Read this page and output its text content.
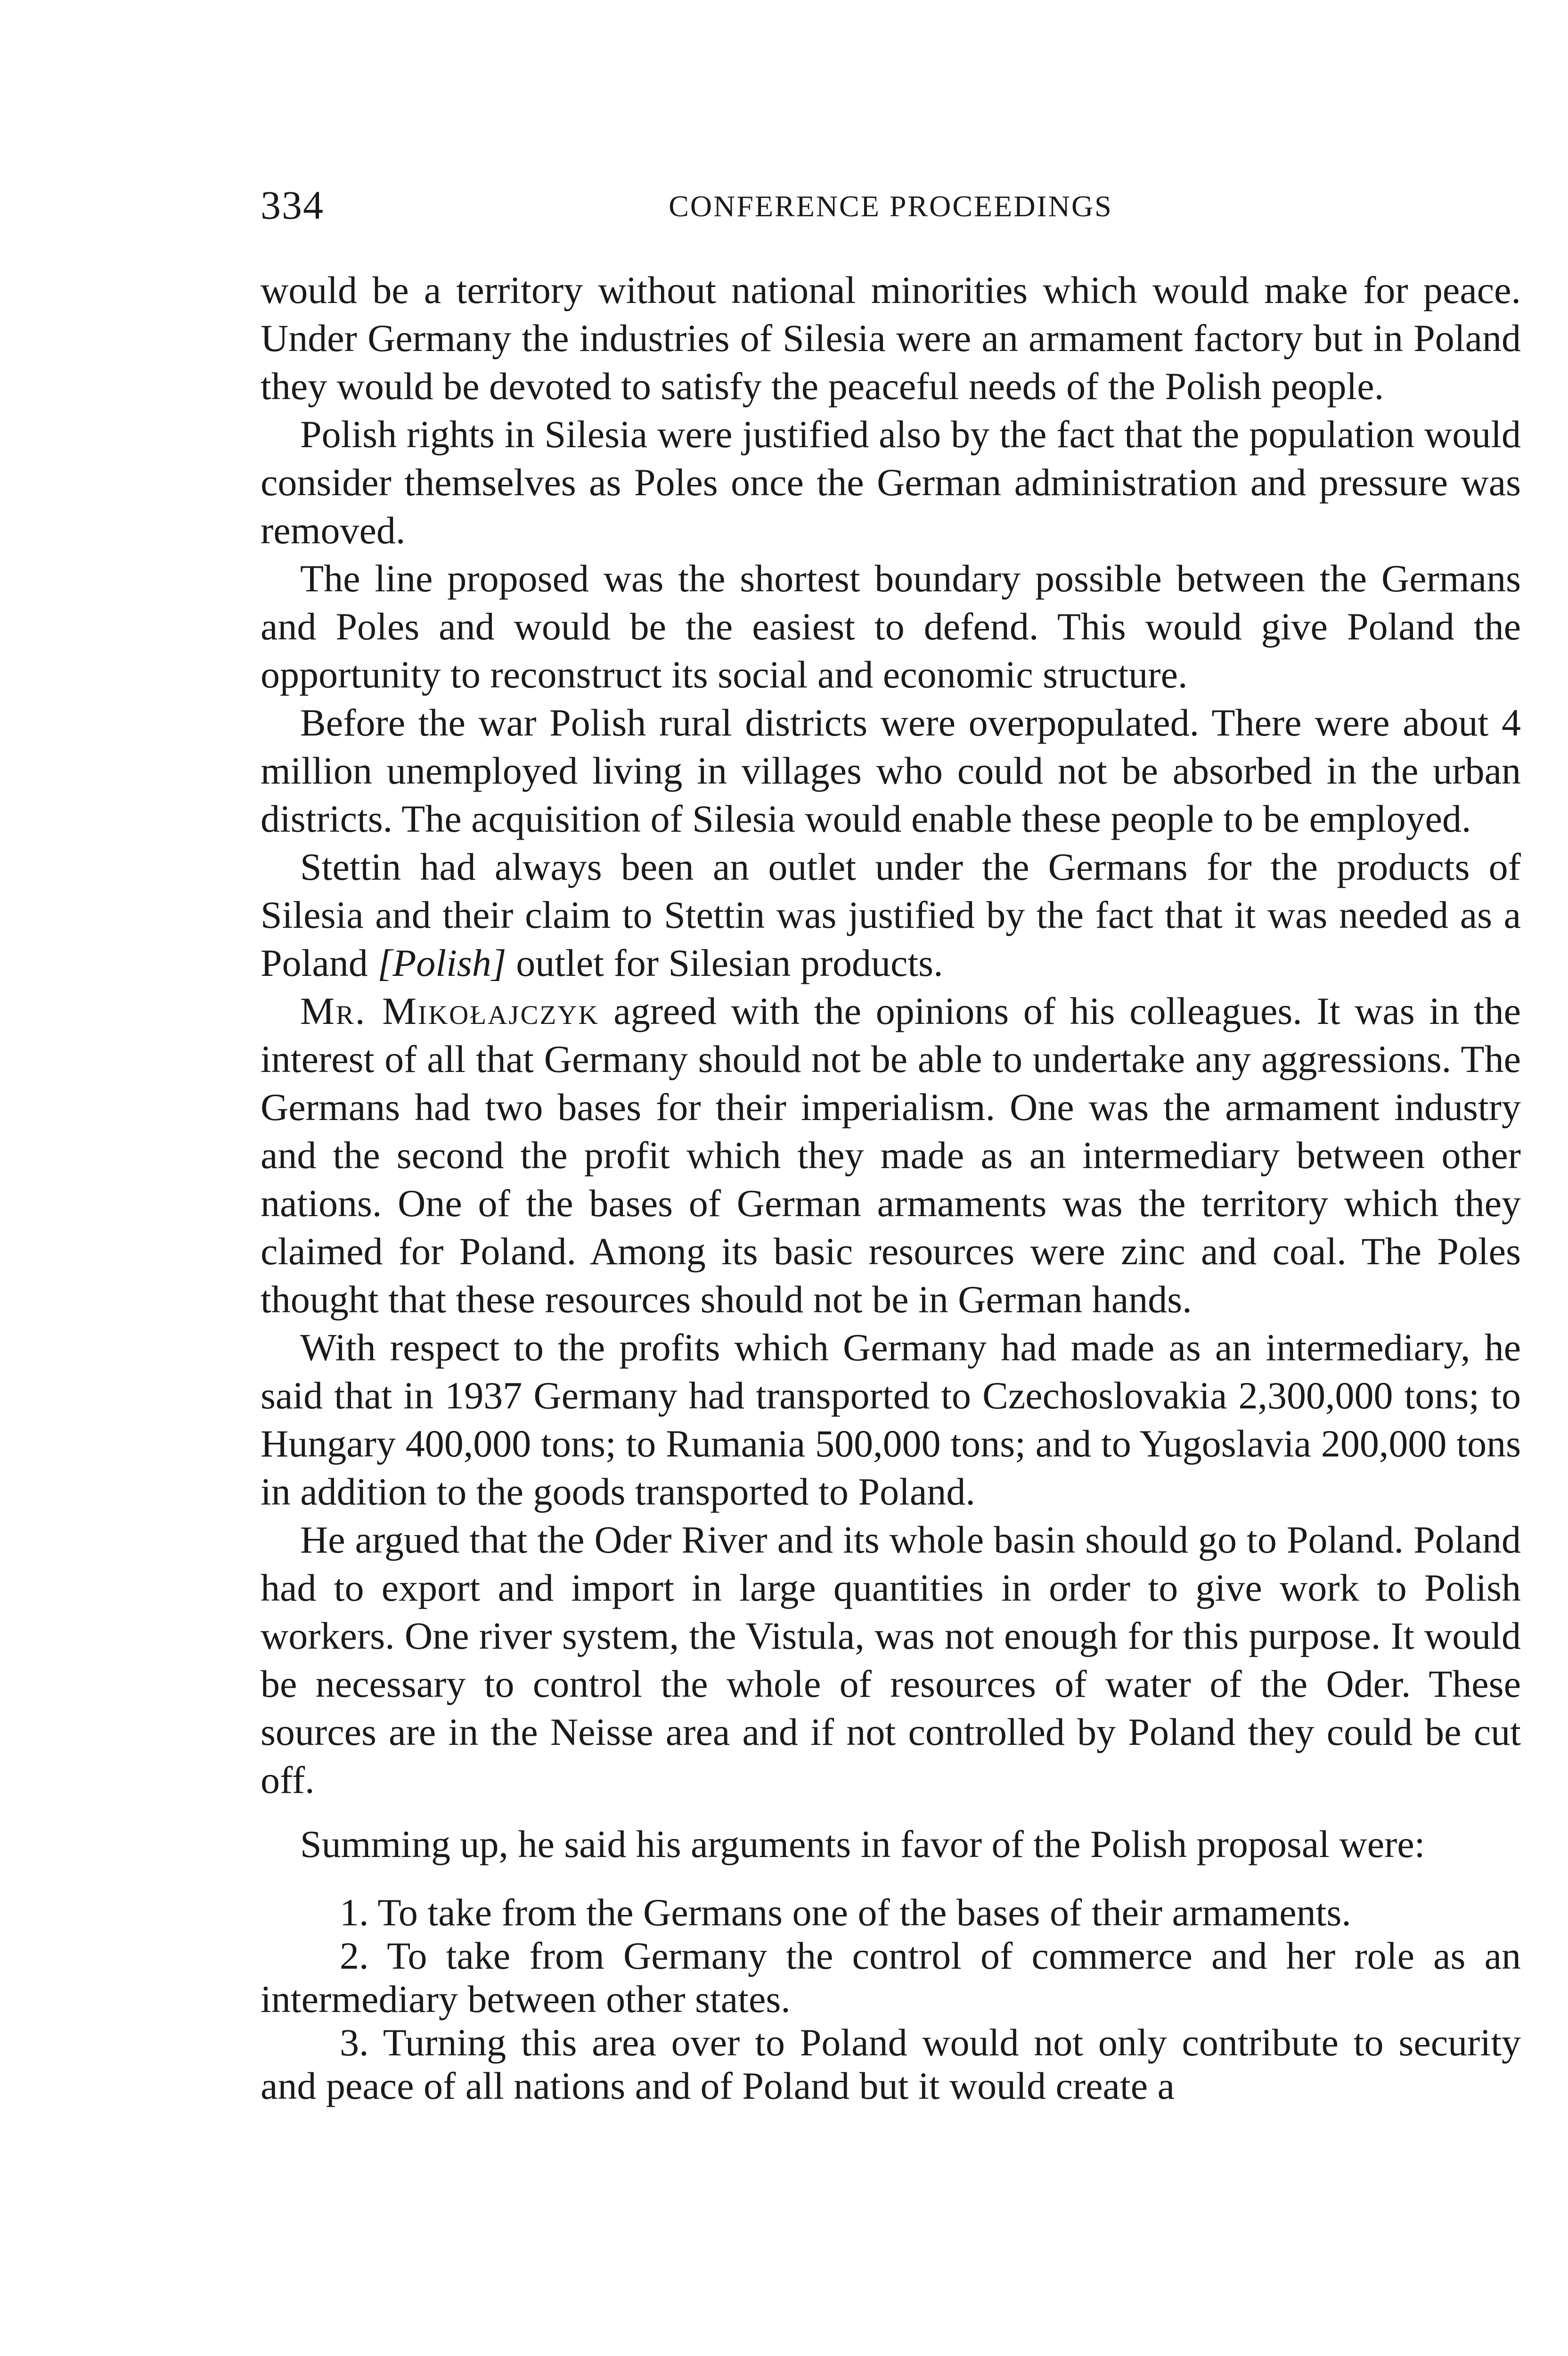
334	CONFERENCE PROCEEDINGS

would be a territory without national minorities which would make for peace. Under Germany the industries of Silesia were an armament factory but in Poland they would be devoted to satisfy the peaceful needs of the Polish people.

Polish rights in Silesia were justified also by the fact that the population would consider themselves as Poles once the German administration and pressure was removed.

The line proposed was the shortest boundary possible between the Germans and Poles and would be the easiest to defend. This would give Poland the opportunity to reconstruct its social and economic structure.

Before the war Polish rural districts were overpopulated. There were about 4 million unemployed living in villages who could not be absorbed in the urban districts. The acquisition of Silesia would enable these people to be employed.

Stettin had always been an outlet under the Germans for the products of Silesia and their claim to Stettin was justified by the fact that it was needed as a Poland [Polish] outlet for Silesian products.

Mr. Mikołajczyk agreed with the opinions of his colleagues. It was in the interest of all that Germany should not be able to undertake any aggressions. The Germans had two bases for their imperialism. One was the armament industry and the second the profit which they made as an intermediary between other nations. One of the bases of German armaments was the territory which they claimed for Poland. Among its basic resources were zinc and coal. The Poles thought that these resources should not be in German hands.

With respect to the profits which Germany had made as an intermediary, he said that in 1937 Germany had transported to Czechoslovakia 2,300,000 tons; to Hungary 400,000 tons; to Rumania 500,000 tons; and to Yugoslavia 200,000 tons in addition to the goods transported to Poland.

He argued that the Oder River and its whole basin should go to Poland. Poland had to export and import in large quantities in order to give work to Polish workers. One river system, the Vistula, was not enough for this purpose. It would be necessary to control the whole of resources of water of the Oder. These sources are in the Neisse area and if not controlled by Poland they could be cut off.

Summing up, he said his arguments in favor of the Polish proposal were:

1. To take from the Germans one of the bases of their armaments.

2. To take from Germany the control of commerce and her role as an intermediary between other states.

3. Turning this area over to Poland would not only contribute to security and peace of all nations and of Poland but it would create a
